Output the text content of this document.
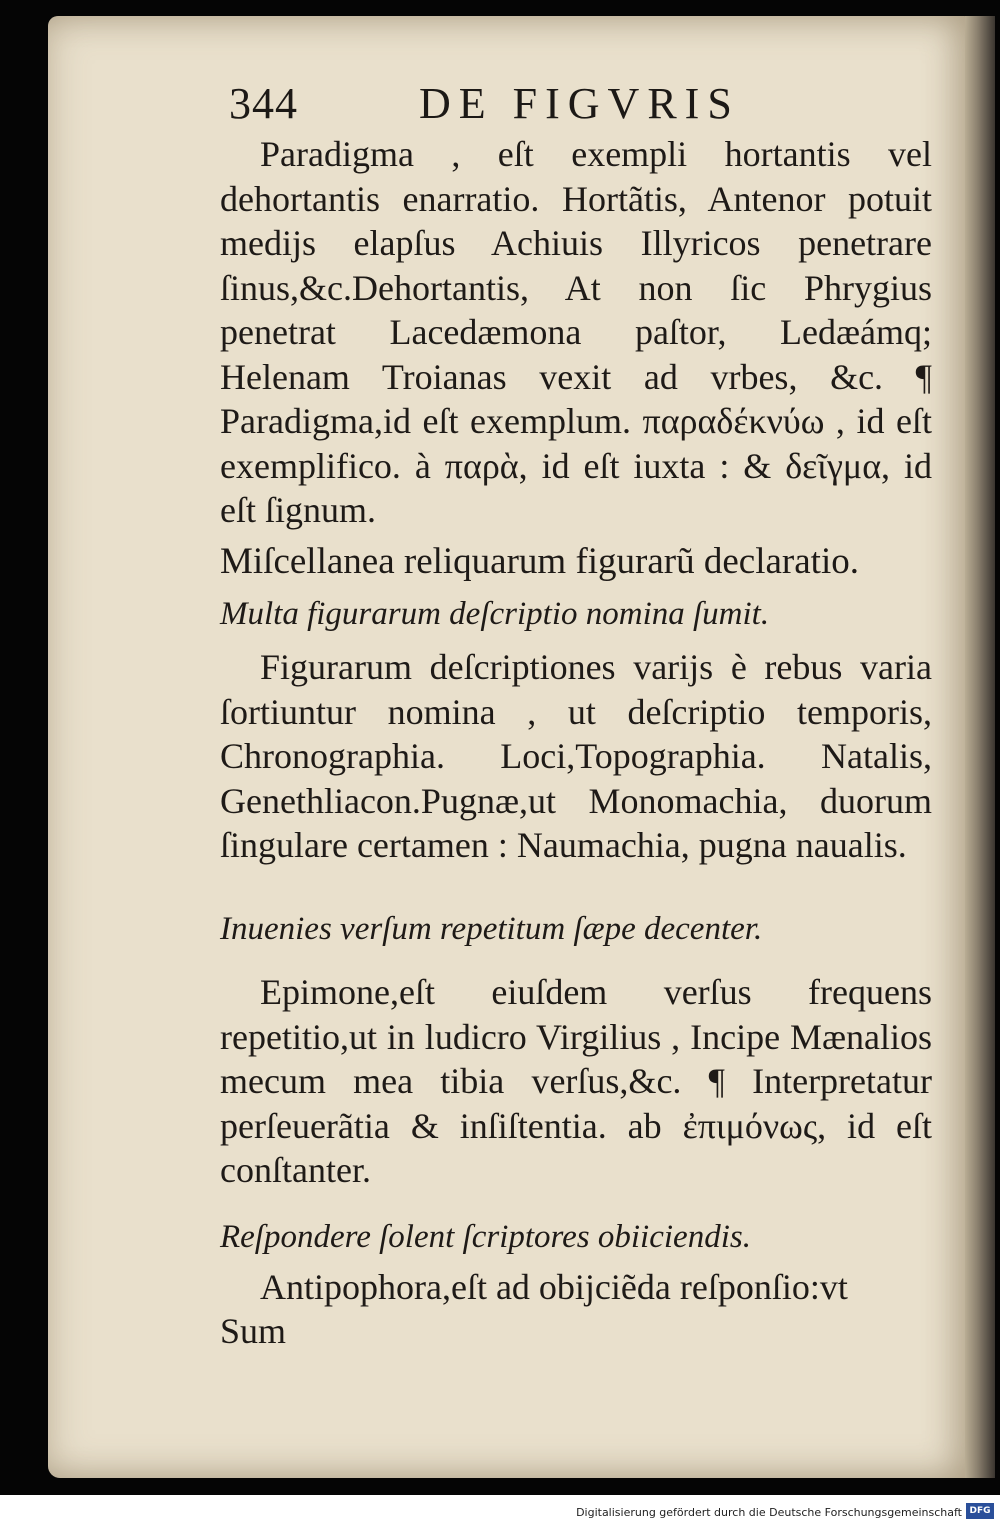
344	DE FIGVRIS
Paradigma , eſt exempli hortantis vel dehortantis enarratio. Hortãtis, Antenor potuit medijs elapſus Achiuis Illyricos penetrare ſinus,&c.Dehortantis, At non ſic Phrygius penetrat Lacedæmona paſtor, Ledæámq; Helenam Troianas vexit ad vrbes, &c. ¶ Paradigma,id eſt exemplum. παραδέκνύω , id eſt exemplifico. à παρὰ, id eſt iuxta : & δεῖγμα, id eſt ſignum.
Miſcellanea reliquarum figurarũ declaratio.
Multa figurarum deſcriptio nomina ſumit.
Figurarum deſcriptiones varijs è rebus varia ſortiuntur nomina , ut deſcriptio temporis, Chronographia. Loci,Topographia. Natalis, Genethliacon.Pugnæ,ut Monomachia, duorum ſingulare certamen : Naumachia, pugna naualis.
Inuenies verſum repetitum ſæpe decenter.
Epimone,eſt eiuſdem verſus frequens repetitio,ut in ludicro Virgilius , Incipe Mænalios mecum mea tibia verſus,&c. ¶ Interpretatur perſeuerãtia & inſiſtentia. ab ἐπιμόνως, id eſt conſtanter.
Reſpondere ſolent ſcriptores obiiciendis.
Antipophora,eſt ad obijciẽda reſponſio:vt
Sum
Digitalisierung gefördert durch die Deutsche Forschungsgemeinschaft DFG
